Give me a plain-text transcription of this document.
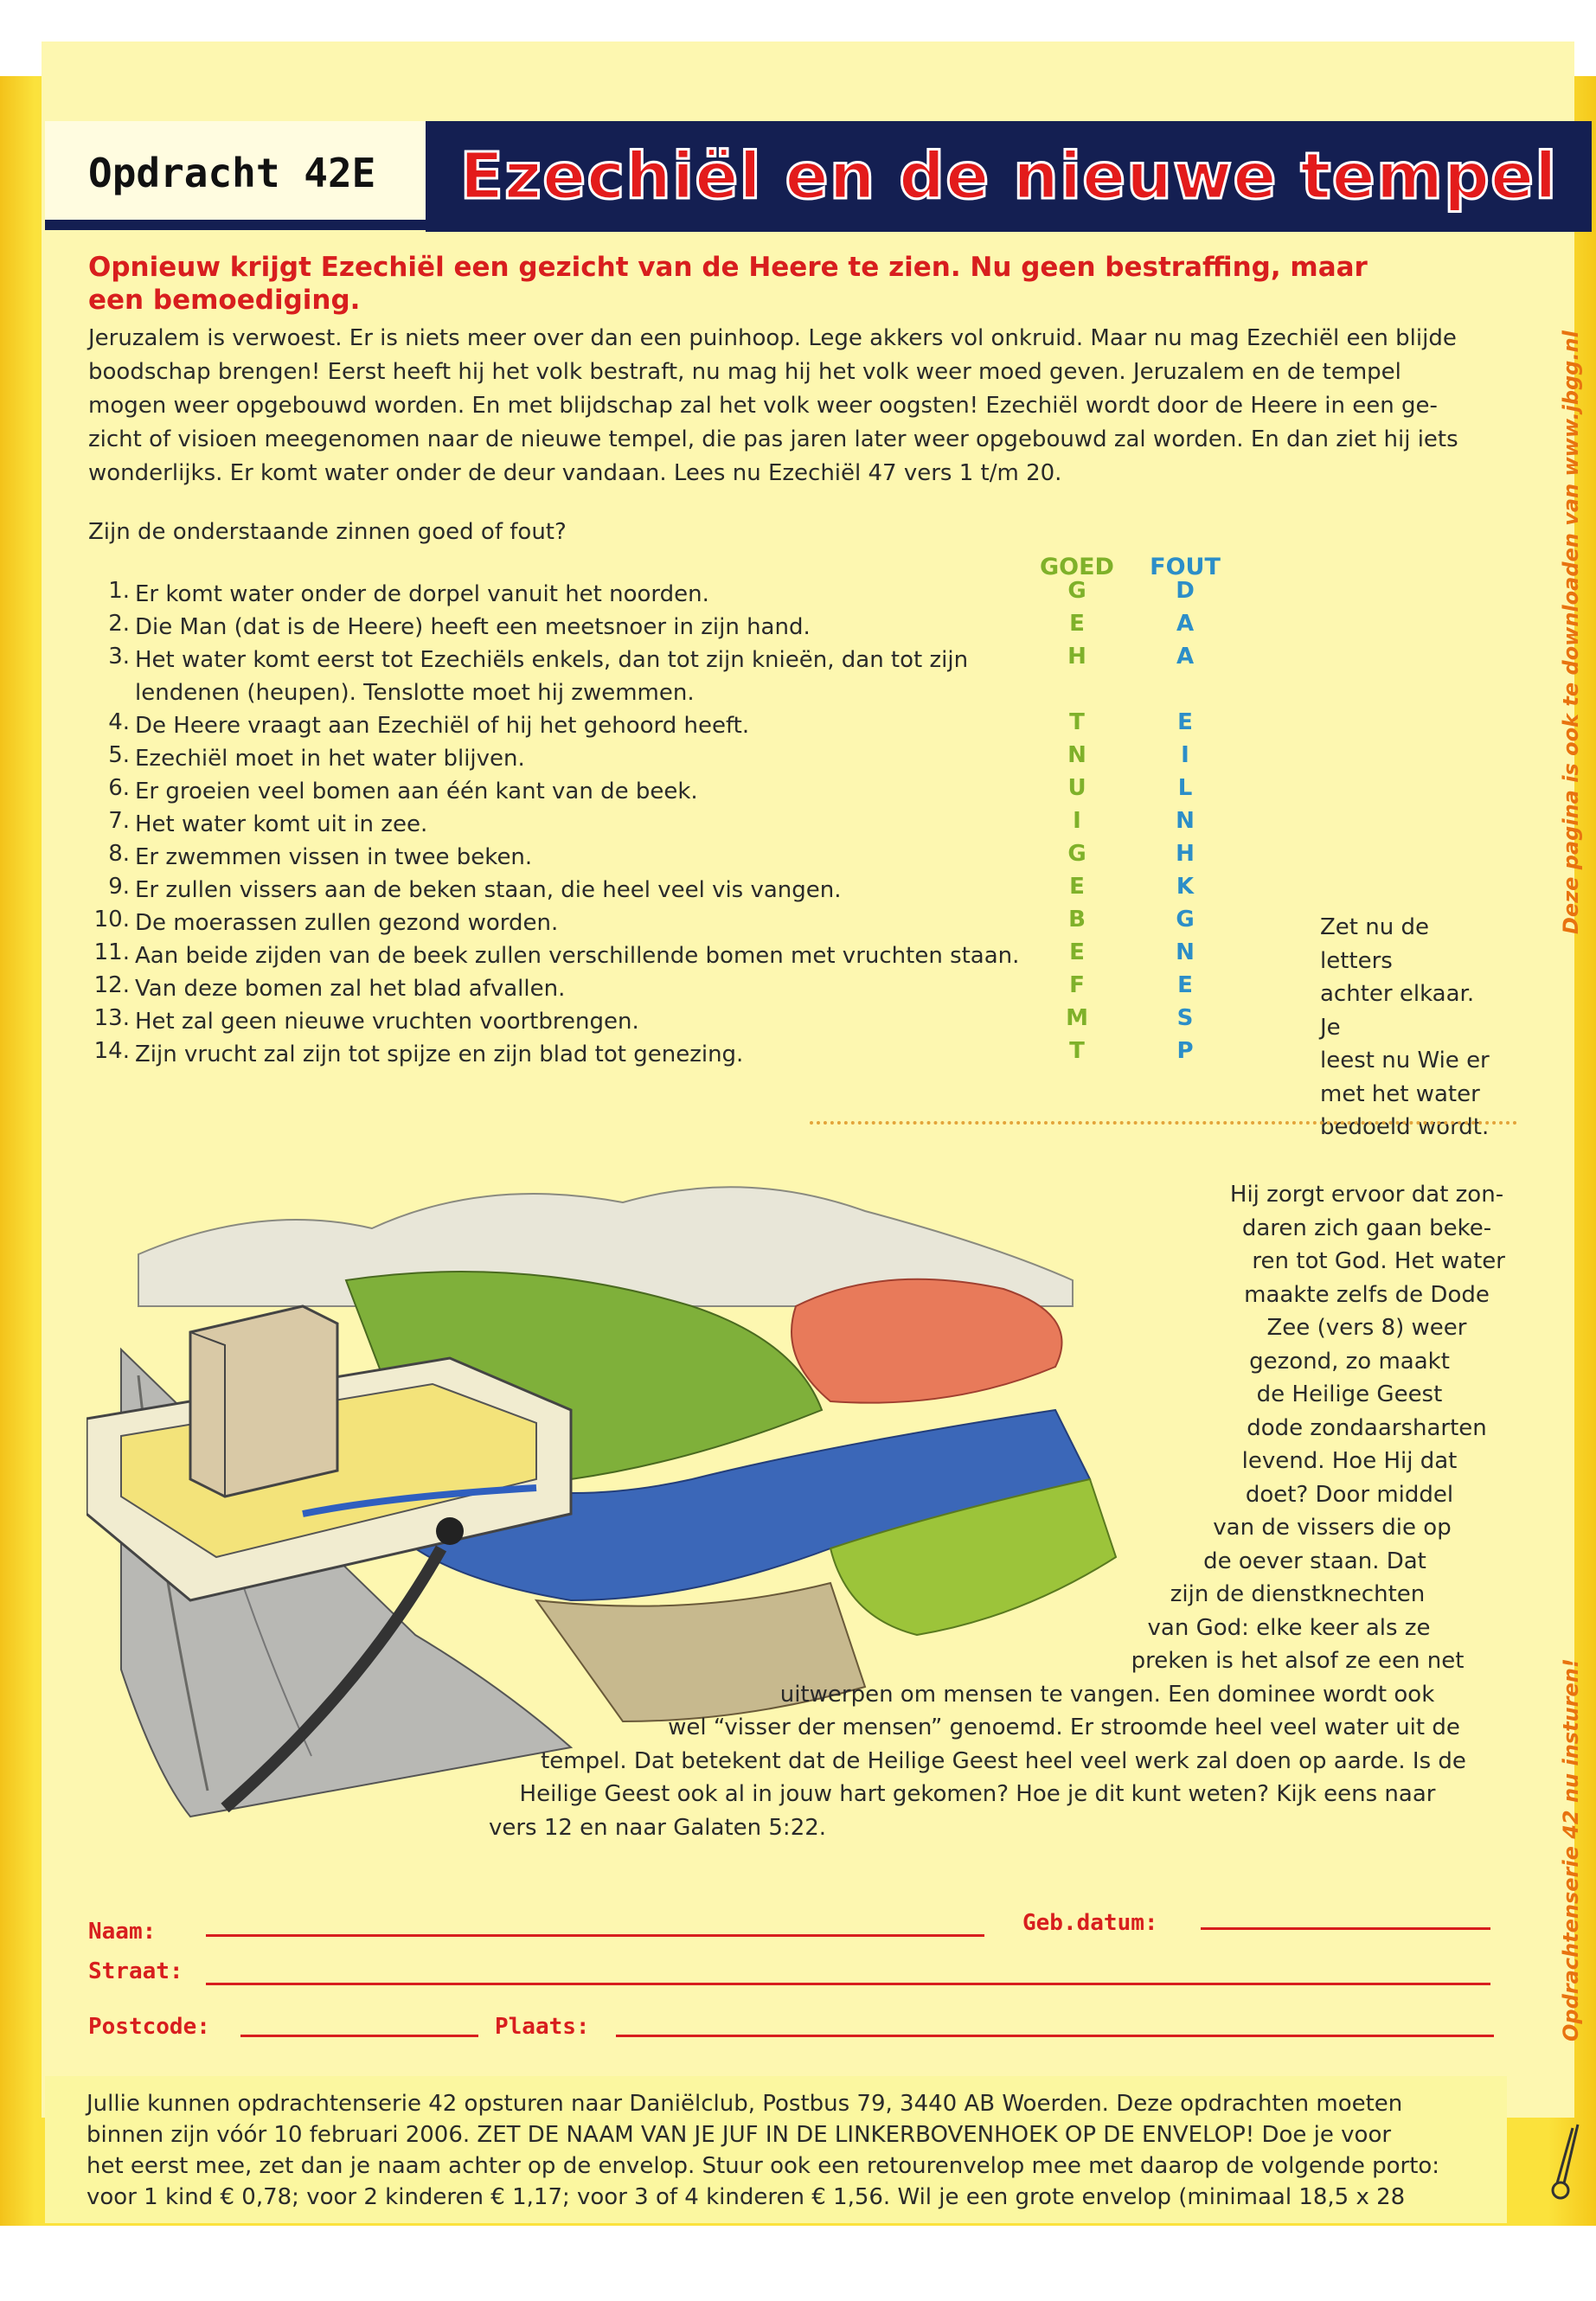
Opdracht 42E	Ezechiël en de nieuwe tempel
Opnieuw krijgt Ezechiël een gezicht van de Heere te zien. Nu geen bestraffing, maar een bemoediging.
Jeruzalem is verwoest. Er is niets meer over dan een puinhoop. Lege akkers vol onkruid. Maar nu mag Ezechiël een blijde
boodschap brengen! Eerst heeft hij het volk bestraft, nu mag hij het volk weer moed geven. Jeruzalem en de tempel
mogen weer opgebouwd worden. En met blijdschap zal het volk weer oogsten! Ezechiël wordt door de Heere in een ge-
zicht of visioen meegenomen naar de nieuwe tempel, die pas jaren later weer opgebouwd zal worden. En dan ziet hij iets
wonderlijks. Er komt water onder de deur vandaan. Lees nu Ezechiël 47 vers 1 t/m 20.
Zijn de onderstaande zinnen goed of fout?
GOED	FOUT
1. Er komt water onder de dorpel vanuit het noorden.	G	D
2. Die Man (dat is de Heere) heeft een meetsnoer in zijn hand.	E	A
3. Het water komt eerst tot Ezechiëls enkels, dan tot zijn knieën, dan tot zijn
lendenen (heupen). Tenslotte moet hij zwemmen.
H	A
4. De Heere vraagt aan Ezechiël of hij het gehoord heeft.	T	E
5. Ezechiël moet in het water blijven.	N	I
6. Er groeien veel bomen aan één kant van de beek.	U	L
7. Het water komt uit in zee.	I	N
8. Er zwemmen vissen in twee beken.	G	H
9. Er zullen vissers aan de beken staan, die heel veel vis vangen.	E	K
10. De moerassen zullen gezond worden.	B	G
11. Aan beide zijden van de beek zullen verschillende bomen met vruchten staan.	E	N
12. Van deze bomen zal het blad afvallen.	F	E
13. Het zal geen nieuwe vruchten voortbrengen.	M	S
14. Zijn vrucht zal zijn tot spijze en zijn blad tot genezing.	T	P
Zet nu de letters
achter elkaar. Je
leest nu Wie er
met het water
bedoeld wordt.
Hij zorgt ervoor dat zon-
daren zich gaan beke-
ren tot God. Het water
maakte zelfs de Dode
Zee (vers 8) weer
gezond, zo maakt
de Heilige Geest
dode zondaarsharten
levend. Hoe Hij dat
doet? Door middel
van de vissers die op
de oever staan. Dat
zijn de dienstknechten
van God: elke keer als ze
preken is het alsof ze een net
uitwerpen om mensen te vangen. Een dominee wordt ook
wel “visser der mensen” genoemd. Er stroomde heel veel water uit de
tempel. Dat betekent dat de Heilige Geest heel veel werk zal doen op aarde. Is de
Heilige Geest ook al in jouw hart gekomen? Hoe je dit kunt weten? Kijk eens naar
vers 12 en naar Galaten 5:22.
Naam:	Geb.datum:
Straat:
Postcode:	Plaats:
Jullie kunnen opdrachtenserie 42 opsturen naar Daniëlclub, Postbus 79, 3440 AB Woerden. Deze opdrachten moeten
binnen zijn vóór 10 februari 2006. ZET DE NAAM VAN JE JUF IN DE LINKERBOVENHOEK OP DE ENVELOP! Doe je voor
het eerst mee, zet dan je naam achter op de envelop. Stuur ook een retourenvelop mee met daarop de volgende porto:
voor 1 kind € 0,78; voor 2 kinderen € 1,17; voor 3 of 4 kinderen € 1,56. Wil je een grote envelop (minimaal 18,5 x 28
Deze pagina is ook te downloaden van www.jbgg.nl
Opdrachtenserie 42 nu insturen!
